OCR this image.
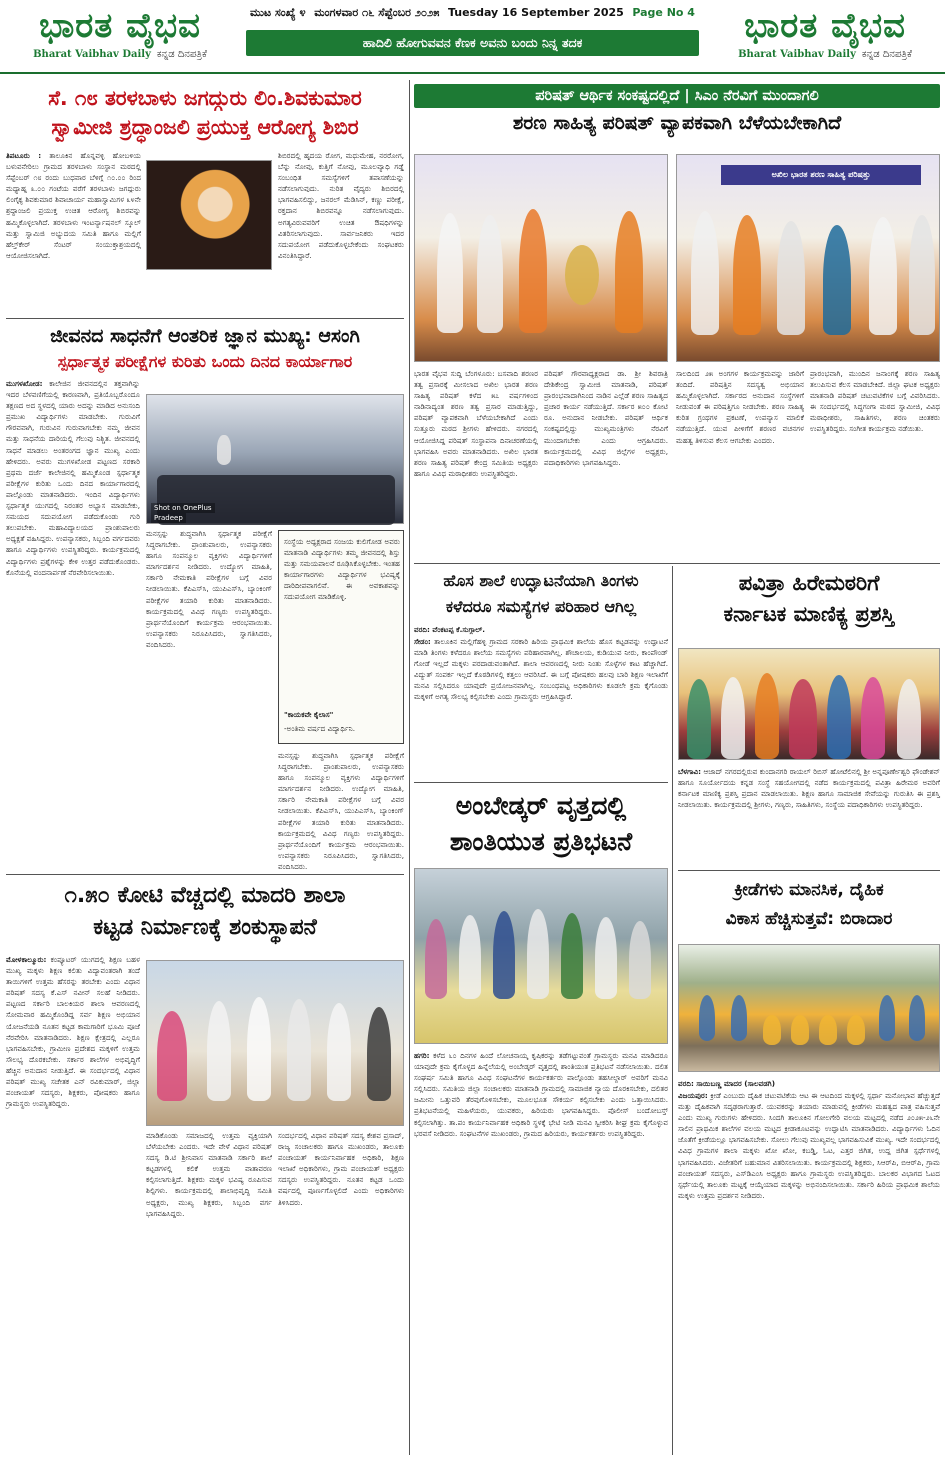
ಭಾರತ ವೈಭವ
Bharat Vaibhav Daily ಕನ್ನಡ ದಿನಪತ್ರಿಕೆ
ಮುಟ ಸಂಖ್ಯೆ ೪ ಮಂಗಳವಾರ ೧೬ ಸೆಪ್ಟೆಂಬರ ೨೦೨೫ Tuesday 16 September 2025 Page No 4
ಹಾದಿಲಿ ಹೋಗುವವನ ಕೆಣಕ ಅವನು ಬಂದು ನಿನ್ನ ತದಕ	ಭಾರತ ವೈಭವ
Bharat Vaibhav Daily ಕನ್ನಡ ದಿನಪತ್ರಿಕೆ
ಸೆ. ೧೮ ತರಳಬಾಳು ಜಗದ್ಗುರು ಲಿಂ.ಶಿವಕುಮಾರ
ಸ್ವಾಮೀಜಿ ಶ್ರದ್ಧಾಂಜಲಿ ಪ್ರಯುಕ್ತ ಆರೋಗ್ಯ ಶಿಬಿರ
ತಿಪಟೂರು : ತಾಲೂಕಿನ ಹೊನ್ನವಳ್ಳಿ ಹೋಬಳಿಯ ಬಳುವನೇರಿಲು ಗ್ರಾಮದ ತರಳಬಾಳು ಸಂಸ್ಥಾನ ಮಠದಲ್ಲಿ ಸೆಪ್ಟೆಂಬರ್ ೧೮ ರಂದು ಬುಧವಾರ ಬೆಳಿಗ್ಗೆ ೧೦.೦೦ ರಿಂದ ಮಧ್ಯಾಹ್ನ ೩.೦೦ ಗಂಟೆಯ ವರೆಗೆ ತರಳಬಾಳು ಜಗದ್ಗುರು ಲಿಂಗೈಕ್ಯ ಶಿವಕುಮಾರ ಶಿವಾಚಾರ್ಯ ಮಹಾಸ್ವಾಮಿಗಳ ೩೪ನೇ ಶ್ರದ್ಧಾಂಜಲಿ ಪ್ರಯುಕ್ತ ಉಚಿತ ಆರೋಗ್ಯ ಶಿಬಿರವನ್ನು ಹಮ್ಮಿಕೊಳ್ಳಲಾಗಿದೆ. ತರಳಬಾಳು ಇಂಟರ್ನ್ಯಾಷನಲ್ ಸ್ಕೂಲ್ ಮತ್ತು ಸ್ವಾಮಿಜಿ ಅಭ್ಯುದಯ ಸಮಿತಿ ಹಾಗೂ ಮಲ್ಲಿಗೆ ಹೆಲ್ತ್‌ಕೇರ್ ಸೆಂಟರ್ ಸಂಯುಕ್ತಾಶ್ರಯದಲ್ಲಿ ಆಯೋಜಿಸಲಾಗಿದೆ.
ಶಿಬಿರದಲ್ಲಿ ಹೃದಯ ರೋಗ, ಮಧುಮೇಹ, ನರರೋಗ, ಬೆನ್ನು ನೋವು, ಕುತ್ತಿಗೆ ನೋವು, ಮೂಲವ್ಯಾಧಿ ಗಡ್ಡೆ ಸಂಬಂಧಿತ ಸಮಸ್ಯೆಗಳಿಗೆ ತಪಾಸಣೆಯನ್ನು ನಡೆಸಲಾಗುವುದು. ನುರಿತ ವೈದ್ಯರು ಶಿಬಿರದಲ್ಲಿ ಭಾಗವಹಿಸಲಿದ್ದು, ಜನರಲ್ ಮೆಡಿಸಿನ್, ಕಣ್ಣು ಪರೀಕ್ಷೆ, ರಕ್ತದಾನ ಶಿಬಿರವನ್ನೂ ನಡೆಸಲಾಗುವುದು. ಅಗತ್ಯವಿರುವವರಿಗೆ ಉಚಿತ ಔಷಧಿಗಳನ್ನು ವಿತರಿಸಲಾಗುವುದು. ಸಾರ್ವಜನಿಕರು ಇದರ ಸದುಪಯೋಗ ಪಡೆದುಕೊಳ್ಳಬೇಕೆಂದು ಸಂಘಟಕರು ವಿನಂತಿಸಿದ್ದಾರೆ.
ಜೀವನದ ಸಾಧನೆಗೆ ಆಂತರಿಕ ಜ್ಞಾನ ಮುಖ್ಯ: ಆಸಂಗಿ
ಸ್ಪರ್ಧಾತ್ಮಕ ಪರೀಕ್ಷೆಗಳ ಕುರಿತು ಒಂದು ದಿನದ ಕಾರ್ಯಾಗಾರ
ಮುಗಳಖೋಡ: ಕಾಲೇಜಿನ ಜೀವನದಲ್ಲಿನ ತಕ್ತವಾಗಿನ್ನು ಇದರ ಬೆಳವಣಿಗೆಯಲ್ಲಿ ಕಾರಣವಾಗಿ, ಪ್ರತಿಯೊಬ್ಬರೊಂದೂ ತಕ್ಷಣದ ಅದ ಸ್ಥಳದಲ್ಲಿ ಯಾರು ಅದನ್ನು ಮಾಡಿದ ಅನುಸಂದಿ ಪ್ರಮುಖ ವಿದ್ಯಾರ್ಥಿಗಳು ಮಾಡಬೇಕು. ಗುರುವಿಗೆ ಗೌರವವಾಗಿ, ಗುರುವಿನ ಗುರುವಾಗಬೇಕು ನಮ್ಮ ಜೀವನ ಮತ್ತು ಸಾಧನೆಯ ದಾರಿಯಲ್ಲಿ ಗೆಲುವು ನಿಶ್ಚಿತ. ಜೀವನದಲ್ಲಿ ಸಾಧನೆ ಮಾಡಲು ಅಂತರಂಗದ ಜ್ಞಾನ ಮುಖ್ಯ ಎಂದು ಹೇಳಿದರು. ಅವರು ಮುಗಳಖೋಡ ಪಟ್ಟಣದ ಸರಕಾರಿ ಪ್ರಥಮ ದರ್ಜೆ ಕಾಲೇಜಿನಲ್ಲಿ ಹಮ್ಮಿಕೊಂಡ ಸ್ಪರ್ಧಾತ್ಮಕ ಪರೀಕ್ಷೆಗಳ ಕುರಿತು ಒಂದು ದಿನದ ಕಾರ್ಯಾಗಾರದಲ್ಲಿ ಪಾಲ್ಗೊಂಡು ಮಾತನಾಡಿದರು. ಇಂದಿನ ವಿದ್ಯಾರ್ಥಿಗಳು ಸ್ಪರ್ಧಾತ್ಮಕ ಯುಗದಲ್ಲಿ ನಿರಂತರ ಅಭ್ಯಾಸ ಮಾಡಬೇಕು, ಸಮಯದ ಸದುಪಯೋಗ ಪಡೆದುಕೊಂಡು ಗುರಿ ತಲುಪಬೇಕು. ಮಹಾವಿದ್ಯಾಲಯದ ಪ್ರಾಂಶುಪಾಲರು ಅಧ್ಯಕ್ಷತೆ ವಹಿಸಿದ್ದರು. ಉಪನ್ಯಾಸಕರು, ಸಿಬ್ಬಂದಿ ವರ್ಗದವರು ಹಾಗೂ ವಿದ್ಯಾರ್ಥಿಗಳು ಉಪಸ್ಥಿತರಿದ್ದರು. ಕಾರ್ಯಕ್ರಮದಲ್ಲಿ ವಿದ್ಯಾರ್ಥಿಗಳು ಪ್ರಶ್ನೆಗಳನ್ನು ಕೇಳಿ ಉತ್ತರ ಪಡೆದುಕೊಂಡರು. ಕೊನೆಯಲ್ಲಿ ವಂದನಾರ್ಪಣೆ ನೆರವೇರಿಸಲಾಯಿತು.
Shot on OnePlus
Pradeep
ಮನಸ್ಸನ್ನು ಶುದ್ಧವಾಗಿಸಿ ಸ್ಪರ್ಧಾತ್ಮಕ ಪರೀಕ್ಷೆಗೆ ಸಿದ್ಧರಾಗಬೇಕು. ಪ್ರಾಂಶುಪಾಲರು, ಉಪನ್ಯಾಸಕರು ಹಾಗೂ ಸಂಪನ್ಮೂಲ ವ್ಯಕ್ತಿಗಳು ವಿದ್ಯಾರ್ಥಿಗಳಿಗೆ ಮಾರ್ಗದರ್ಶನ ನೀಡಿದರು. ಉದ್ಯೋಗ ಮಾಹಿತಿ, ಸರ್ಕಾರಿ ನೇಮಕಾತಿ ಪರೀಕ್ಷೆಗಳ ಬಗ್ಗೆ ವಿವರ ನೀಡಲಾಯಿತು. ಕೆಪಿಎಸ್‌ಸಿ, ಯುಪಿಎಸ್‌ಸಿ, ಬ್ಯಾಂಕಿಂಗ್ ಪರೀಕ್ಷೆಗಳ ತಯಾರಿ ಕುರಿತು ಮಾತನಾಡಿದರು. ಕಾರ್ಯಕ್ರಮದಲ್ಲಿ ವಿವಿಧ ಗಣ್ಯರು ಉಪಸ್ಥಿತರಿದ್ದರು. ಪ್ರಾರ್ಥನೆಯೊಂದಿಗೆ ಕಾರ್ಯಕ್ರಮ ಆರಂಭವಾಯಿತು. ಉಪನ್ಯಾಸಕರು ನಿರೂಪಿಸಿದರು, ಸ್ವಾಗತಿಸಿದರು, ವಂದಿಸಿದರು.
ಸಂಸ್ಥೆಯ ಅಧ್ಯಕ್ಷರಾದ ಸಂಜಯ ಕುಲಿಗೋಡ ಅವರು ಮಾತನಾಡಿ ವಿದ್ಯಾರ್ಥಿಗಳು ತಮ್ಮ ಜೀವನದಲ್ಲಿ ಶಿಸ್ತು ಮತ್ತು ಸಮಯಪಾಲನೆ ರೂಢಿಸಿಕೊಳ್ಳಬೇಕು. ಇಂತಹ ಕಾರ್ಯಾಗಾರಗಳು ವಿದ್ಯಾರ್ಥಿಗಳ ಭವಿಷ್ಯಕ್ಕೆ ದಾರಿದೀಪವಾಗಲಿವೆ. ಈ ಅವಕಾಶವನ್ನು ಸದುಪಯೋಗ ಮಾಡಿಕೊಳ್ಳಿ.
"ಕಾಯಕವೇ ಕೈಲಾಸ"
-ಅಂತಿಮ ವರ್ಷದ ವಿದ್ಯಾರ್ಥಿನಿ.
ಮನಸ್ಸನ್ನು ಶುದ್ಧವಾಗಿಸಿ ಸ್ಪರ್ಧಾತ್ಮಕ ಪರೀಕ್ಷೆಗೆ ಸಿದ್ಧರಾಗಬೇಕು. ಪ್ರಾಂಶುಪಾಲರು, ಉಪನ್ಯಾಸಕರು ಹಾಗೂ ಸಂಪನ್ಮೂಲ ವ್ಯಕ್ತಿಗಳು ವಿದ್ಯಾರ್ಥಿಗಳಿಗೆ ಮಾರ್ಗದರ್ಶನ ನೀಡಿದರು. ಉದ್ಯೋಗ ಮಾಹಿತಿ, ಸರ್ಕಾರಿ ನೇಮಕಾತಿ ಪರೀಕ್ಷೆಗಳ ಬಗ್ಗೆ ವಿವರ ನೀಡಲಾಯಿತು. ಕೆಪಿಎಸ್‌ಸಿ, ಯುಪಿಎಸ್‌ಸಿ, ಬ್ಯಾಂಕಿಂಗ್ ಪರೀಕ್ಷೆಗಳ ತಯಾರಿ ಕುರಿತು ಮಾತನಾಡಿದರು. ಕಾರ್ಯಕ್ರಮದಲ್ಲಿ ವಿವಿಧ ಗಣ್ಯರು ಉಪಸ್ಥಿತರಿದ್ದರು. ಪ್ರಾರ್ಥನೆಯೊಂದಿಗೆ ಕಾರ್ಯಕ್ರಮ ಆರಂಭವಾಯಿತು. ಉಪನ್ಯಾಸಕರು ನಿರೂಪಿಸಿದರು, ಸ್ವಾಗತಿಸಿದರು, ವಂದಿಸಿದರು.
೧.೫೦ ಕೋಟಿ ವೆಚ್ಚದಲ್ಲಿ ಮಾದರಿ ಶಾಲಾ
ಕಟ್ಟಡ ನಿರ್ಮಾಣಕ್ಕೆ ಶಂಕುಸ್ಥಾಪನೆ
ಮೋಳಕಾಲ್ಮೂರು: ಕಂಪ್ಯೂಟರ್ ಯುಗದಲ್ಲಿ ಶಿಕ್ಷಣ ಬಹಳ ಮುಖ್ಯ ಮಕ್ಕಳು ಶಿಕ್ಷಣ ಕಲಿತು ವಿದ್ಯಾವಂತರಾಗಿ ತಂದೆ ತಾಯಿಗಳಿಗೆ ಉತ್ತಮ ಹೆಸರನ್ನು ತರಬೇಕು ಎಂದು ವಿಧಾನ ಪರಿಷತ್ ಸದಸ್ಯ ಕೆ.ಎಸ್ ನವೀನ್ ಸಲಹೆ ನೀಡಿದರು. ಪಟ್ಟಣದ ಸರ್ಕಾರಿ ಬಾಲಕಿಯರ ಶಾಲಾ ಆವರಣದಲ್ಲಿ ಸೋಮವಾರ ಹಮ್ಮಿಕೊಂಡಿದ್ದ ಸರ್ವ ಶಿಕ್ಷಣ ಅಭಿಯಾನ ಯೋಜನೆಯಡಿ ನೂತನ ಕಟ್ಟಡ ಕಾಮಗಾರಿಗೆ ಭೂಮಿ ಪೂಜೆ ನೆರವೇರಿಸಿ ಮಾತನಾಡಿದರು. ಶಿಕ್ಷಣ ಕ್ಷೇತ್ರದಲ್ಲಿ ಎಲ್ಲರೂ ಭಾಗವಹಿಸಬೇಕು, ಗ್ರಾಮೀಣ ಪ್ರದೇಶದ ಮಕ್ಕಳಿಗೆ ಉತ್ತಮ ಸೌಲಭ್ಯ ದೊರಕಬೇಕು. ಸರ್ಕಾರ ಶಾಲೆಗಳ ಅಭಿವೃದ್ಧಿಗೆ ಹೆಚ್ಚಿನ ಅನುದಾನ ನೀಡುತ್ತಿದೆ. ಈ ಸಂದರ್ಭದಲ್ಲಿ ವಿಧಾನ ಪರಿಷತ್ ಮುಖ್ಯ ಸಚೇತಕ ಎನ್ ರವಿಕುಮಾರ್, ಜಿಲ್ಲಾ ಪಂಚಾಯತ್ ಸದಸ್ಯರು, ಶಿಕ್ಷಕರು, ಪೋಷಕರು ಹಾಗೂ ಗ್ರಾಮಸ್ಥರು ಉಪಸ್ಥಿತರಿದ್ದರು.
ಮಾಡಿಕೊಂಡು ಸಮಾಜದಲ್ಲಿ ಉತ್ತಮ ವ್ಯಕ್ತಿಯಾಗಿ ಬೆಳೆಯಬೇಕು ಎಂದರು. ಇದೇ ವೇಳೆ ವಿಧಾನ ಪರಿಷತ್ ಸದಸ್ಯ ಡಿ.ಟಿ ಶ್ರೀನಿವಾಸ ಮಾತನಾಡಿ ಸರ್ಕಾರಿ ಶಾಲೆ ಕಟ್ಟಡಗಳಲ್ಲಿ ಕಲಿಕೆ ಉತ್ತಮ ವಾತಾವರಣ ಕಲ್ಪಿಸಲಾಗುತ್ತಿದೆ. ಶಿಕ್ಷಕರು ಮಕ್ಕಳ ಭವಿಷ್ಯ ರೂಪಿಸುವ ಶಿಲ್ಪಿಗಳು. ಕಾರ್ಯಕ್ರಮದಲ್ಲಿ ಶಾಲಾಭಿವೃದ್ಧಿ ಸಮಿತಿ ಅಧ್ಯಕ್ಷರು, ಮುಖ್ಯ ಶಿಕ್ಷಕರು, ಸಿಬ್ಬಂದಿ ವರ್ಗ ಭಾಗವಹಿಸಿದ್ದರು.
ಸಂದರ್ಭದಲ್ಲಿ ವಿಧಾನ ಪರಿಷತ್ ಸದಸ್ಯ ಕೇಶವ ಪ್ರಸಾದ್, ರಾಜ್ಯ ಸಂಚಾಲಕರು ಹಾಗೂ ಮುಖಂಡರು, ತಾಲೂಕು ಪಂಚಾಯತ್ ಕಾರ್ಯನಿರ್ವಾಹಕ ಅಧಿಕಾರಿ, ಶಿಕ್ಷಣ ಇಲಾಖೆ ಅಧಿಕಾರಿಗಳು, ಗ್ರಾಮ ಪಂಚಾಯತ್ ಅಧ್ಯಕ್ಷರು ಸದಸ್ಯರು ಉಪಸ್ಥಿತರಿದ್ದರು. ನೂತನ ಕಟ್ಟಡ ಒಂದು ವರ್ಷದಲ್ಲಿ ಪೂರ್ಣಗೊಳ್ಳಲಿದೆ ಎಂದು ಅಧಿಕಾರಿಗಳು ತಿಳಿಸಿದರು.
ಪರಿಷತ್ ಆರ್ಥಿಕ ಸಂಕಷ್ಟದಲ್ಲಿದೆ | ಸಿಎಂ ನೆರವಿಗೆ ಮುಂದಾಗಲಿ
ಶರಣ ಸಾಹಿತ್ಯ ಪರಿಷತ್ ವ್ಯಾಪಕವಾಗಿ ಬೆಳೆಯಬೇಕಾಗಿದೆ
ಅಖಿಲ ಭಾರತ ಶರಣ ಸಾಹಿತ್ಯ ಪರಿಷತ್ತು
ಭಾರತ ವೈಭವ ಸುದ್ದಿ ಬೆಂಗಳೂರು: ಬಸವಾದಿ ಶರಣರ ತತ್ವ ಪ್ರಸಾರಕ್ಕೆ ಮೀಸಲಾದ ಅಖಿಲ ಭಾರತ ಶರಣ ಸಾಹಿತ್ಯ ಪರಿಷತ್ ಕಳೆದ ೫೭ ವರ್ಷಗಳಿಂದ ನಾಡಿನಾದ್ಯಂತ ಶರಣ ತತ್ವ ಪ್ರಸಾರ ಮಾಡುತ್ತಿದ್ದು, ಪರಿಷತ್ ವ್ಯಾಪಕವಾಗಿ ಬೆಳೆಯಬೇಕಾಗಿದೆ ಎಂದು ಸುತ್ತೂರು ಮಠದ ಶ್ರೀಗಳು ಹೇಳಿದರು. ನಗರದಲ್ಲಿ ಆಯೋಜಿಸಿದ್ದ ಪರಿಷತ್ ಸಂಸ್ಥಾಪನಾ ದಿನಾಚರಣೆಯಲ್ಲಿ ಭಾಗವಹಿಸಿ ಅವರು ಮಾತನಾಡಿದರು. ಅಖಿಲ ಭಾರತ ಶರಣ ಸಾಹಿತ್ಯ ಪರಿಷತ್ ಕೇಂದ್ರ ಸಮಿತಿಯ ಅಧ್ಯಕ್ಷರು ಹಾಗೂ ವಿವಿಧ ಮಠಾಧೀಶರು ಉಪಸ್ಥಿತರಿದ್ದರು.
ಪರಿಷತ್ ಗೌರವಾಧ್ಯಕ್ಷರಾದ ಡಾ. ಶ್ರೀ ಶಿವರಾತ್ರಿ ದೇಶಿಕೇಂದ್ರ ಸ್ವಾಮೀಜಿ ಮಾತನಾಡಿ, ಪರಿಷತ್ ಪ್ರಾರಂಭವಾದಾಗಿನಿಂದ ನಾಡಿನ ಎಲ್ಲೆಡೆ ಶರಣ ಸಾಹಿತ್ಯದ ಪ್ರಚಾರ ಕಾರ್ಯ ನಡೆಯುತ್ತಿದೆ. ಸರ್ಕಾರ ೫೦೦ ಕೋಟಿ ರೂ. ಅನುದಾನ ನೀಡಬೇಕು. ಪರಿಷತ್ ಆರ್ಥಿಕ ಸಂಕಷ್ಟದಲ್ಲಿದ್ದು ಮುಖ್ಯಮಂತ್ರಿಗಳು ನೆರವಿಗೆ ಮುಂದಾಗಬೇಕು ಎಂದು ಆಗ್ರಹಿಸಿದರು. ಕಾರ್ಯಕ್ರಮದಲ್ಲಿ ವಿವಿಧ ಜಿಲ್ಲೆಗಳ ಅಧ್ಯಕ್ಷರು, ಪದಾಧಿಕಾರಿಗಳು ಭಾಗವಹಿಸಿದ್ದರು.
ಸಾಲದಿಂದ ೨೫ ಅಂಗಗಳ ಕಾರ್ಯಕ್ರಮವನ್ನು ಜಾರಿಗೆ ತಂದಿದೆ. ಪರಿಷತ್ತಿನ ಸದಸ್ಯತ್ವ ಅಭಿಯಾನ ಹಮ್ಮಿಕೊಳ್ಳಲಾಗಿದೆ. ಸರ್ಕಾರದ ಅನುದಾನ ಸಂಸ್ಥೆಗಳಿಗೆ ನೀಡುವಂತೆ ಈ ಪರಿಷತ್ತಿಗೂ ನೀಡಬೇಕು. ಶರಣ ಸಾಹಿತ್ಯ ಕುರಿತ ಗ್ರಂಥಗಳ ಪ್ರಕಟಣೆ, ಉಪನ್ಯಾಸ ಮಾಲಿಕೆ ನಡೆಯುತ್ತಿದೆ. ಯುವ ಪೀಳಿಗೆಗೆ ಶರಣರ ವಚನಗಳ ಮಹತ್ವ ತಿಳಿಸುವ ಕೆಲಸ ಆಗಬೇಕು ಎಂದರು.
ಪ್ರಾರಂಭವಾಗಿ, ಮುಂದಿನ ಜನಾಂಗಕ್ಕೆ ಶರಣ ಸಾಹಿತ್ಯ ತಲುಪಿಸುವ ಕೆಲಸ ಮಾಡಬೇಕಿದೆ. ಜಿಲ್ಲಾ ಘಟಕ ಅಧ್ಯಕ್ಷರು ಮಾತನಾಡಿ ಪರಿಷತ್ ಚಟುವಟಿಕೆಗಳ ಬಗ್ಗೆ ವಿವರಿಸಿದರು. ಈ ಸಂದರ್ಭದಲ್ಲಿ ಸಿದ್ಧಗಂಗಾ ಮಠದ ಸ್ವಾಮೀಜಿ, ವಿವಿಧ ಮಠಾಧೀಶರು, ಸಾಹಿತಿಗಳು, ಶರಣ ಚಿಂತಕರು ಉಪಸ್ಥಿತರಿದ್ದರು. ಸಂಗೀತ ಕಾರ್ಯಕ್ರಮ ನಡೆಯಿತು.
ಹೊಸ ಶಾಲೆ ಉದ್ಘಾಟನೆಯಾಗಿ ತಿಂಗಳು
ಕಳೆದರೂ ಸಮಸ್ಯೆಗಳ ಪರಿಹಾರ ಆಗಿಲ್ಲ
ವರದಿ: ವೆಂಕಟಪ್ಪ ಕೆ.ಸುಗ್ಗಾಲ್.
ಸೇಡಂ: ತಾಲೂಕಿನ ಮಲ್ಲಿಗೆಹಳ್ಳಿ ಗ್ರಾಮದ ಸರಕಾರಿ ಹಿರಿಯ ಪ್ರಾಥಮಿಕ ಶಾಲೆಯ ಹೊಸ ಕಟ್ಟಡವನ್ನು ಉದ್ಘಾಟನೆ ಮಾಡಿ ತಿಂಗಳು ಕಳೆದರೂ ಶಾಲೆಯ ಸಮಸ್ಯೆಗಳು ಪರಿಹಾರವಾಗಿಲ್ಲ. ಶೌಚಾಲಯ, ಕುಡಿಯುವ ನೀರು, ಕಾಂಪೌಂಡ್ ಗೋಡೆ ಇಲ್ಲದೆ ಮಕ್ಕಳು ಪರದಾಡುವಂತಾಗಿದೆ. ಶಾಲಾ ಆವರಣದಲ್ಲಿ ನೀರು ನಿಂತು ಸೊಳ್ಳೆಗಳ ಕಾಟ ಹೆಚ್ಚಾಗಿದೆ. ವಿದ್ಯುತ್ ಸಂಪರ್ಕ ಇಲ್ಲದೆ ಕೊಠಡಿಗಳಲ್ಲಿ ಕತ್ತಲು ಆವರಿಸಿದೆ. ಈ ಬಗ್ಗೆ ಪೋಷಕರು ಹಲವು ಬಾರಿ ಶಿಕ್ಷಣ ಇಲಾಖೆಗೆ ಮನವಿ ಸಲ್ಲಿಸಿದರೂ ಯಾವುದೇ ಪ್ರಯೋಜನವಾಗಿಲ್ಲ. ಸಂಬಂಧಪಟ್ಟ ಅಧಿಕಾರಿಗಳು ಕೂಡಲೇ ಕ್ರಮ ಕೈಗೊಂಡು ಮಕ್ಕಳಿಗೆ ಅಗತ್ಯ ಸೌಲಭ್ಯ ಕಲ್ಪಿಸಬೇಕು ಎಂದು ಗ್ರಾಮಸ್ಥರು ಆಗ್ರಹಿಸಿದ್ದಾರೆ.
ಅಂಬೇಡ್ಕರ್ ವೃತ್ತದಲ್ಲಿ
ಶಾಂತಿಯುತ ಪ್ರತಿಭಟನೆ
ಹಗರಿ: ಕಳೆದ ೬೦ ದಿನಗಳ ಹಿಂದೆ ಲೋಚನಾಯ್ಕ ಕೃಷಿಕರನ್ನು ತಡೆಗಟ್ಟುವಂತೆ ಗ್ರಾಮಸ್ಥರು ಮನವಿ ಮಾಡಿದರೂ ಯಾವುದೇ ಕ್ರಮ ಕೈಗೊಳ್ಳದ ಹಿನ್ನೆಲೆಯಲ್ಲಿ ಅಂಬೇಡ್ಕರ್ ವೃತ್ತದಲ್ಲಿ ಶಾಂತಿಯುತ ಪ್ರತಿಭಟನೆ ನಡೆಸಲಾಯಿತು. ದಲಿತ ಸಂಘರ್ಷ ಸಮಿತಿ ಹಾಗೂ ವಿವಿಧ ಸಂಘಟನೆಗಳ ಕಾರ್ಯಕರ್ತರು ಪಾಲ್ಗೊಂಡು ತಹಸೀಲ್ದಾರ್ ಅವರಿಗೆ ಮನವಿ ಸಲ್ಲಿಸಿದರು. ಸಮಿತಿಯ ಜಿಲ್ಲಾ ಸಂಚಾಲಕರು ಮಾತನಾಡಿ ಗ್ರಾಮದಲ್ಲಿ ಸಾಮಾಜಿಕ ನ್ಯಾಯ ದೊರಕಿಸಬೇಕು, ದಲಿತರ ಜಮೀನು ಒತ್ತುವರಿ ತೆರವುಗೊಳಿಸಬೇಕು, ಮೂಲಭೂತ ಸೌಕರ್ಯ ಕಲ್ಪಿಸಬೇಕು ಎಂದು ಒತ್ತಾಯಿಸಿದರು. ಪ್ರತಿಭಟನೆಯಲ್ಲಿ ಮಹಿಳೆಯರು, ಯುವಕರು, ಹಿರಿಯರು ಭಾಗವಹಿಸಿದ್ದರು. ಪೊಲೀಸ್ ಬಂದೋಬಸ್ತ್ ಕಲ್ಪಿಸಲಾಗಿತ್ತು. ತಾ.ಪಂ ಕಾರ್ಯನಿರ್ವಾಹಕ ಅಧಿಕಾರಿ ಸ್ಥಳಕ್ಕೆ ಭೇಟಿ ನೀಡಿ ಮನವಿ ಸ್ವೀಕರಿಸಿ ಶೀಘ್ರ ಕ್ರಮ ಕೈಗೊಳ್ಳುವ ಭರವಸೆ ನೀಡಿದರು. ಸಂಘಟನೆಗಳ ಮುಖಂಡರು, ಗ್ರಾಮದ ಹಿರಿಯರು, ಕಾರ್ಯಕರ್ತರು ಉಪಸ್ಥಿತರಿದ್ದರು.
ಪವಿತ್ರಾ ಹಿರೇಮಠರಿಗೆ
ಕರ್ನಾಟಕ ಮಾಣಿಕ್ಯ ಪ್ರಶಸ್ತಿ
ಬೆಳಗಾವಿ: ಆಜಾದ್ ನಗರದಲ್ಲಿರುವ ಕುಂದಾನಗರಿ ರಾಯಲ್ ರಿಬಿಸ್ ಹೋಟೆಲಿನಲ್ಲಿ ಶ್ರೀ ಅನ್ನಪೂರ್ಣೇಶ್ವರಿ ಫೌಂಡೇಶನ್ ಹಾಗೂ ಸೂರ್ಯೋದಯ ಕನ್ನಡ ಸಂಸ್ಥೆ ಸಹಯೋಗದಲ್ಲಿ ನಡೆದ ಕಾರ್ಯಕ್ರಮದಲ್ಲಿ ಪವಿತ್ರಾ ಹಿರೇಮಠ ಅವರಿಗೆ ಕರ್ನಾಟಕ ಮಾಣಿಕ್ಯ ಪ್ರಶಸ್ತಿ ಪ್ರದಾನ ಮಾಡಲಾಯಿತು. ಶಿಕ್ಷಣ ಹಾಗೂ ಸಾಮಾಜಿಕ ಸೇವೆಯನ್ನು ಗುರುತಿಸಿ ಈ ಪ್ರಶಸ್ತಿ ನೀಡಲಾಯಿತು. ಕಾರ್ಯಕ್ರಮದಲ್ಲಿ ಶ್ರೀಗಳು, ಗಣ್ಯರು, ಸಾಹಿತಿಗಳು, ಸಂಸ್ಥೆಯ ಪದಾಧಿಕಾರಿಗಳು ಉಪಸ್ಥಿತರಿದ್ದರು.
ಕ್ರೀಡೆಗಳು ಮಾನಸಿಕ, ದೈಹಿಕ
ವಿಕಾಸ ಹೆಚ್ಚಿಸುತ್ತವೆ: ಬಿರಾದಾರ
ವರದಿ: ಸಾಯಿಬಣ್ಣ ಮಾದರ (ಸಾಲವಡಗಿ)
ವಿಜಯಪುರ: ಕ್ರೀಡೆ ಎಂಬುದು ದೈಹಿಕ ಚಟುವಟಿಕೆಯ ಆಟ ಈ ಆಟದಿಂದ ಮಕ್ಕಳಲ್ಲಿ ಸ್ಪರ್ಧಾ ಮನೋಭಾವ ಹೆಚ್ಚುತ್ತದೆ ಮತ್ತು ದೈಹಿಕವಾಗಿ ಸದೃಢರಾಗುತ್ತಾರೆ. ಯುವಕರನ್ನು ತಯಾರು ಮಾಡುವಲ್ಲಿ ಕ್ರೀಡೆಗಳು ಮಹತ್ವದ ಪಾತ್ರ ವಹಿಸುತ್ತವೆ ಎಂದು ಮುಖ್ಯ ಗುರುಗಳು ಹೇಳಿದರು. ಸಿಂದಗಿ ತಾಲೂಕಿನ ಗೋಲಗೇರಿ ವಲಯ ಮಟ್ಟದಲ್ಲಿ ನಡೆದ ೨೦೨೫-೨೬ನೇ ಸಾಲಿನ ಪ್ರಾಥಮಿಕ ಶಾಲೆಗಳ ವಲಯ ಮಟ್ಟದ ಕ್ರೀಡಾಕೂಟವನ್ನು ಉದ್ಘಾಟಿಸಿ ಮಾತನಾಡಿದರು. ವಿದ್ಯಾರ್ಥಿಗಳು ಓದಿನ ಜೊತೆಗೆ ಕ್ರೀಡೆಯಲ್ಲೂ ಭಾಗವಹಿಸಬೇಕು. ಸೋಲು ಗೆಲುವು ಮುಖ್ಯವಲ್ಲ ಭಾಗವಹಿಸುವಿಕೆ ಮುಖ್ಯ. ಇದೇ ಸಂದರ್ಭದಲ್ಲಿ ವಿವಿಧ ಗ್ರಾಮಗಳ ಶಾಲಾ ಮಕ್ಕಳು ಖೋ ಖೋ, ಕಬಡ್ಡಿ, ಓಟ, ಎತ್ತರ ಜಿಗಿತ, ಉದ್ದ ಜಿಗಿತ ಸ್ಪರ್ಧೆಗಳಲ್ಲಿ ಭಾಗವಹಿಸಿದರು. ವಿಜೇತರಿಗೆ ಬಹುಮಾನ ವಿತರಿಸಲಾಯಿತು. ಕಾರ್ಯಕ್ರಮದಲ್ಲಿ ಶಿಕ್ಷಕರು, ಸಿಆರ್‌ಪಿ, ಬಿಆರ್‌ಪಿ, ಗ್ರಾಮ ಪಂಚಾಯತ್ ಸದಸ್ಯರು, ಎಸ್‌ಡಿಎಂಸಿ ಅಧ್ಯಕ್ಷರು ಹಾಗೂ ಗ್ರಾಮಸ್ಥರು ಉಪಸ್ಥಿತರಿದ್ದರು. ಬಾಲಕರ ವಿಭಾಗದ ಓಟದ ಸ್ಪರ್ಧೆಯಲ್ಲಿ ತಾಲೂಕು ಮಟ್ಟಕ್ಕೆ ಆಯ್ಕೆಯಾದ ಮಕ್ಕಳನ್ನು ಅಭಿನಂದಿಸಲಾಯಿತು. ಸರ್ಕಾರಿ ಹಿರಿಯ ಪ್ರಾಥಮಿಕ ಶಾಲೆಯ ಮಕ್ಕಳು ಉತ್ತಮ ಪ್ರದರ್ಶನ ನೀಡಿದರು.
